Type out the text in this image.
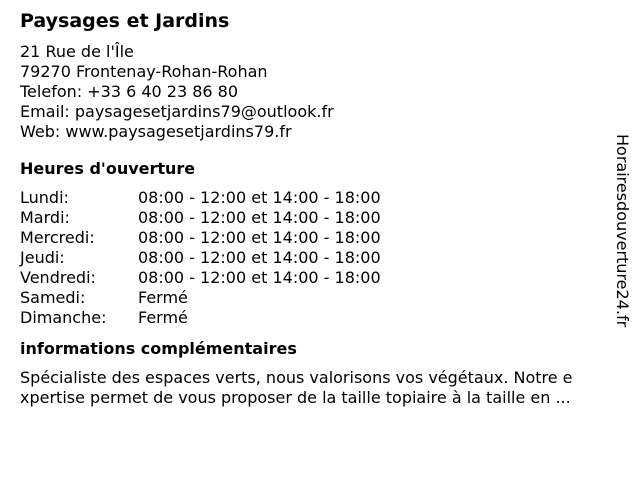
Paysages et Jardins
21 Rue de l'Île
79270 Frontenay-Rohan-Rohan
Telefon: +33 6 40 23 86 80
Email: paysagesetjardins79@outlook.fr
Web: www.paysagesetjardins79.fr
Heures d'ouverture
Lundi:	08:00 - 12:00 et 14:00 - 18:00
Mardi:	08:00 - 12:00 et 14:00 - 18:00
Mercredi:	08:00 - 12:00 et 14:00 - 18:00
Jeudi:	08:00 - 12:00 et 14:00 - 18:00
Vendredi:	08:00 - 12:00 et 14:00 - 18:00
Samedi:	Fermé
Dimanche:	Fermé
informations complémentaires
Spécialiste des espaces verts, nous valorisons vos végétaux. Notre e
xpertise permet de vous proposer de la taille topiaire à la taille en ...
Horairesdouverture24.fr
